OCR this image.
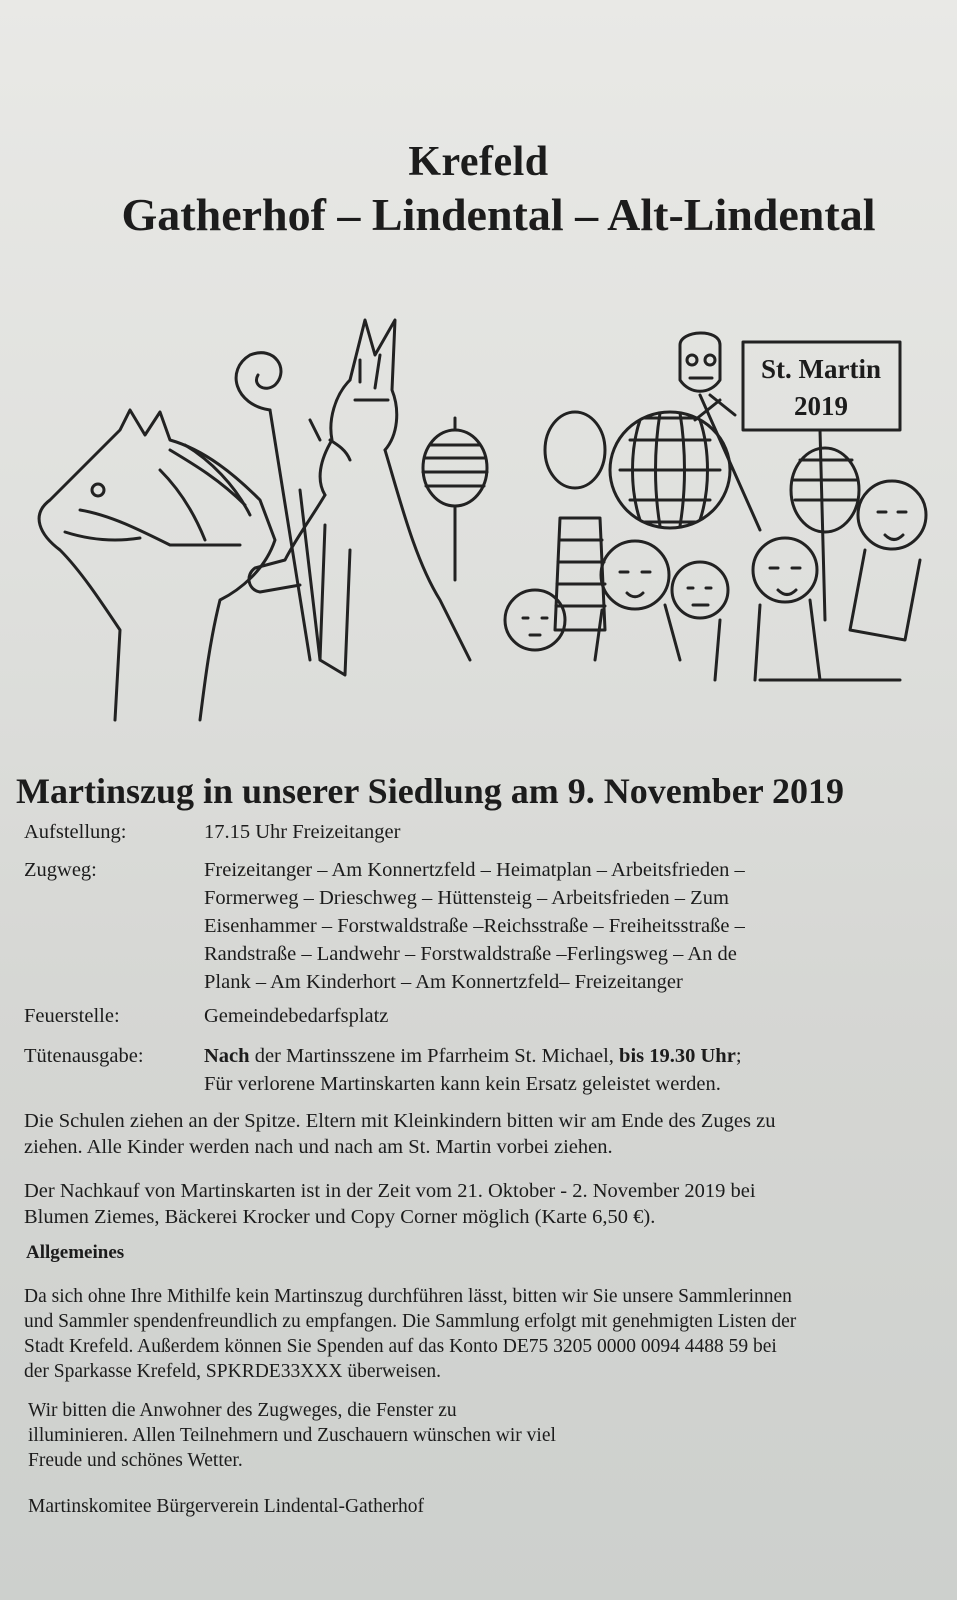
Krefeld
Gatherhof – Lindental – Alt-Lindental
St. Martin
2019
Martinszug in unserer Siedlung am 9. November 2019
Aufstellung:	17.15 Uhr Freizeitanger
Zugweg:	Freizeitanger – Am Konnertzfeld – Heimatplan – Arbeitsfrieden –
Formerweg – Drieschweg – Hüttensteig – Arbeitsfrieden – Zum
Eisenhammer – Forstwaldstraße –Reichsstraße – Freiheitsstraße –
Randstraße – Landwehr – Forstwaldstraße –Ferlingsweg – An de
Plank – Am Kinderhort – Am Konnertzfeld– Freizeitanger
Feuerstelle:	Gemeindebedarfsplatz
Tütenausgabe:	Nach der Martinsszene im Pfarrheim St. Michael, bis 19.30 Uhr;
Für verlorene Martinskarten kann kein Ersatz geleistet werden.
Die Schulen ziehen an der Spitze. Eltern mit Kleinkindern bitten wir am Ende des Zuges zu
ziehen. Alle Kinder werden nach und nach am St. Martin vorbei ziehen.
Der Nachkauf von Martinskarten ist in der Zeit vom 21. Oktober - 2. November 2019 bei
Blumen Ziemes, Bäckerei Krocker und Copy Corner möglich (Karte 6,50 €).
Allgemeines
Da sich ohne Ihre Mithilfe kein Martinszug durchführen lässt, bitten wir Sie unsere Sammlerinnen
und Sammler spendenfreundlich zu empfangen. Die Sammlung erfolgt mit genehmigten Listen der
Stadt Krefeld. Außerdem können Sie Spenden auf das Konto DE75 3205 0000 0094 4488 59 bei
der Sparkasse Krefeld, SPKRDE33XXX überweisen.
Wir bitten die Anwohner des Zugweges, die Fenster zu
illuminieren. Allen Teilnehmern und Zuschauern wünschen wir viel
Freude und schönes Wetter.
Martinskomitee Bürgerverein Lindental-Gatherhof
